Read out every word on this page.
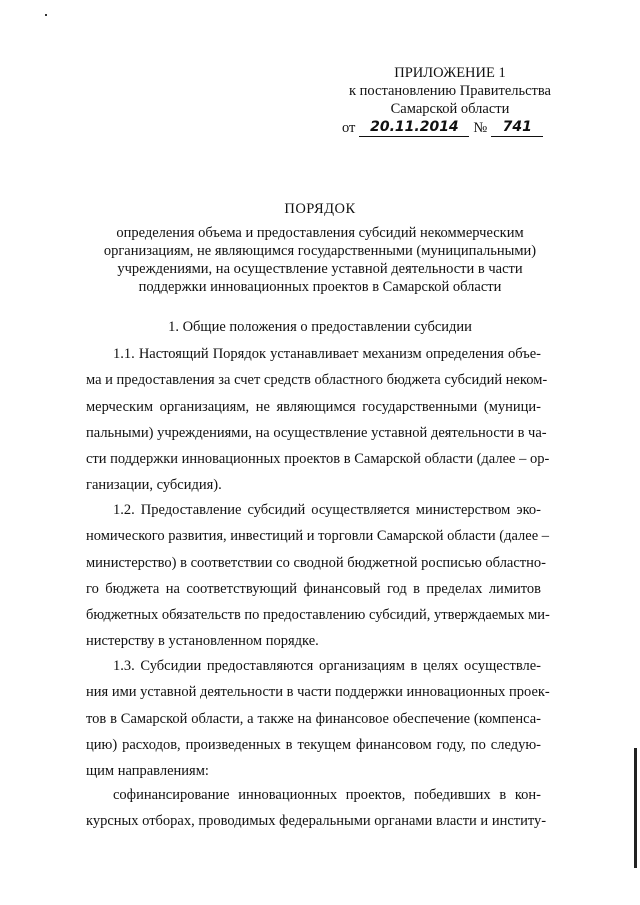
ПРИЛОЖЕНИЕ 1
к постановлению Правительства
Самарской области
от	20.11.2014	№	741
ПОРЯДОК
определения объема и предоставления субсидий некоммерческим
организациям, не являющимся государственными (муниципальными)
учреждениями, на осуществление уставной деятельности в части
поддержки инновационных проектов в Самарской области
1. Общие положения о предоставлении субсидии
1.1. Настоящий Порядок устанавливает механизм определения объе-
ма и предоставления за счет средств областного бюджета субсидий неком-
мерческим организациям, не являющимся государственными (муници-
пальными) учреждениями, на осуществление уставной деятельности в ча-
сти поддержки инновационных проектов в Самарской области (далее – ор-
ганизации, субсидия).
1.2. Предоставление субсидий осуществляется министерством эко-
номического развития, инвестиций и торговли Самарской области (далее –
министерство) в соответствии со сводной бюджетной росписью областно-
го бюджета на соответствующий финансовый год в пределах лимитов
бюджетных обязательств по предоставлению субсидий, утверждаемых ми-
нистерству в установленном порядке.
1.3. Субсидии предоставляются организациям в целях осуществле-
ния ими уставной деятельности в части поддержки инновационных проек-
тов в Самарской области, а также на финансовое обеспечение (компенса-
цию) расходов, произведенных в текущем финансовом году, по следую-
щим направлениям:
софинансирование инновационных проектов, победивших в кон-
курсных отборах, проводимых федеральными органами власти и институ-
